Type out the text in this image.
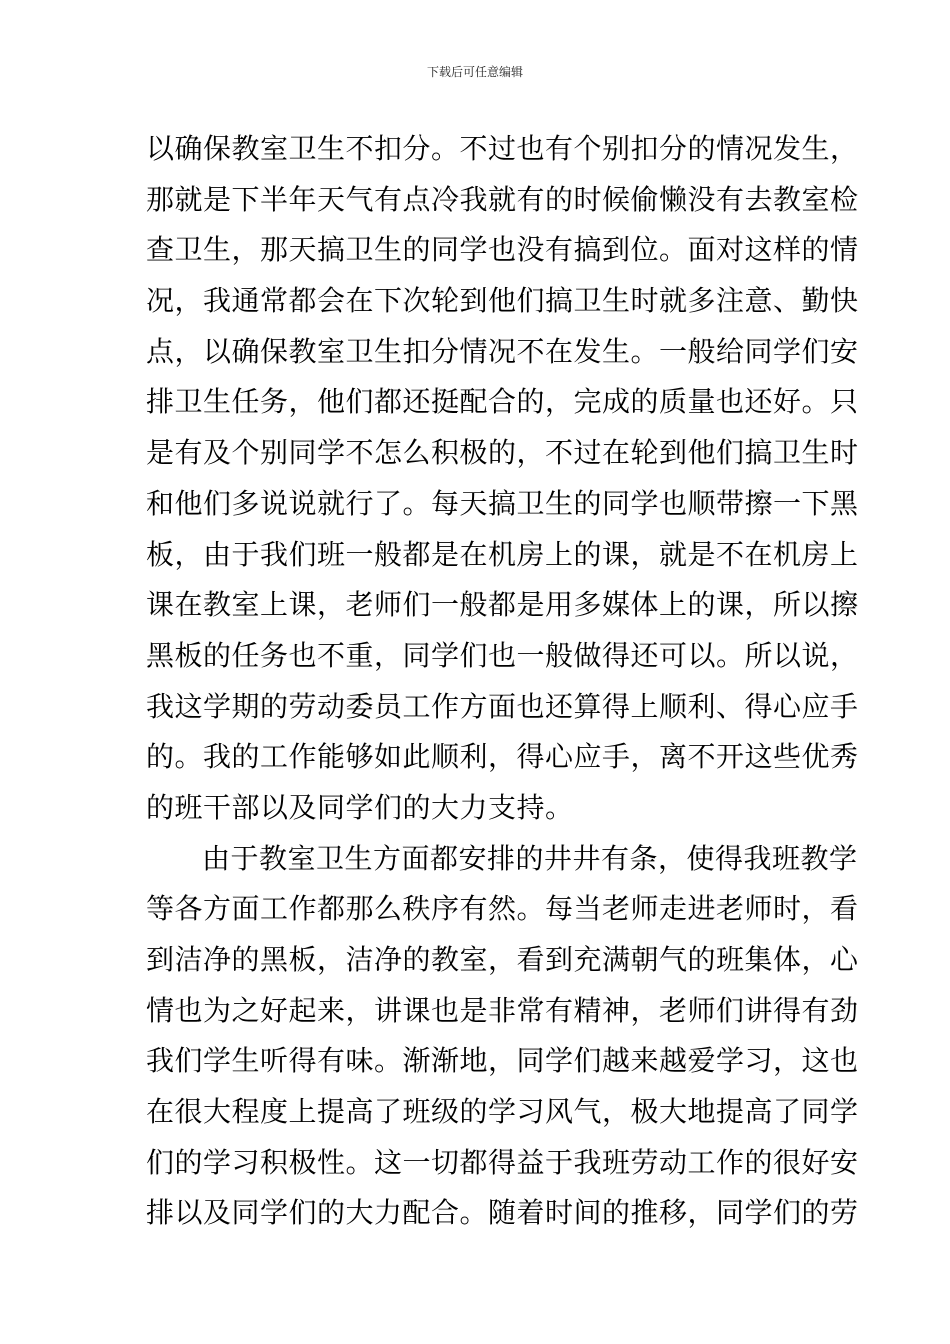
下载后可任意编辑
以确保教室卫生不扣分。不过也有个别扣分的情况发生，
那就是下半年天气有点冷我就有的时候偷懒没有去教室检
查卫生，那天搞卫生的同学也没有搞到位。面对这样的情
况，我通常都会在下次轮到他们搞卫生时就多注意、勤快
点，以确保教室卫生扣分情况不在发生。一般给同学们安
排卫生任务，他们都还挺配合的，完成的质量也还好。只
是有及个别同学不怎么积极的，不过在轮到他们搞卫生时
和他们多说说就行了。每天搞卫生的同学也顺带擦一下黑
板，由于我们班一般都是在机房上的课，就是不在机房上
课在教室上课，老师们一般都是用多媒体上的课，所以擦
黑板的任务也不重，同学们也一般做得还可以。所以说，
我这学期的劳动委员工作方面也还算得上顺利、得心应手
的。我的工作能够如此顺利，得心应手，离不开这些优秀
的班干部以及同学们的大力支持。
由于教室卫生方面都安排的井井有条，使得我班教学
等各方面工作都那么秩序有然。每当老师走进老师时，看
到洁净的黑板，洁净的教室，看到充满朝气的班集体，心
情也为之好起来，讲课也是非常有精神，老师们讲得有劲
我们学生听得有味。渐渐地，同学们越来越爱学习，这也
在很大程度上提高了班级的学习风气，极大地提高了同学
们的学习积极性。这一切都得益于我班劳动工作的很好安
排以及同学们的大力配合。随着时间的推移，同学们的劳
